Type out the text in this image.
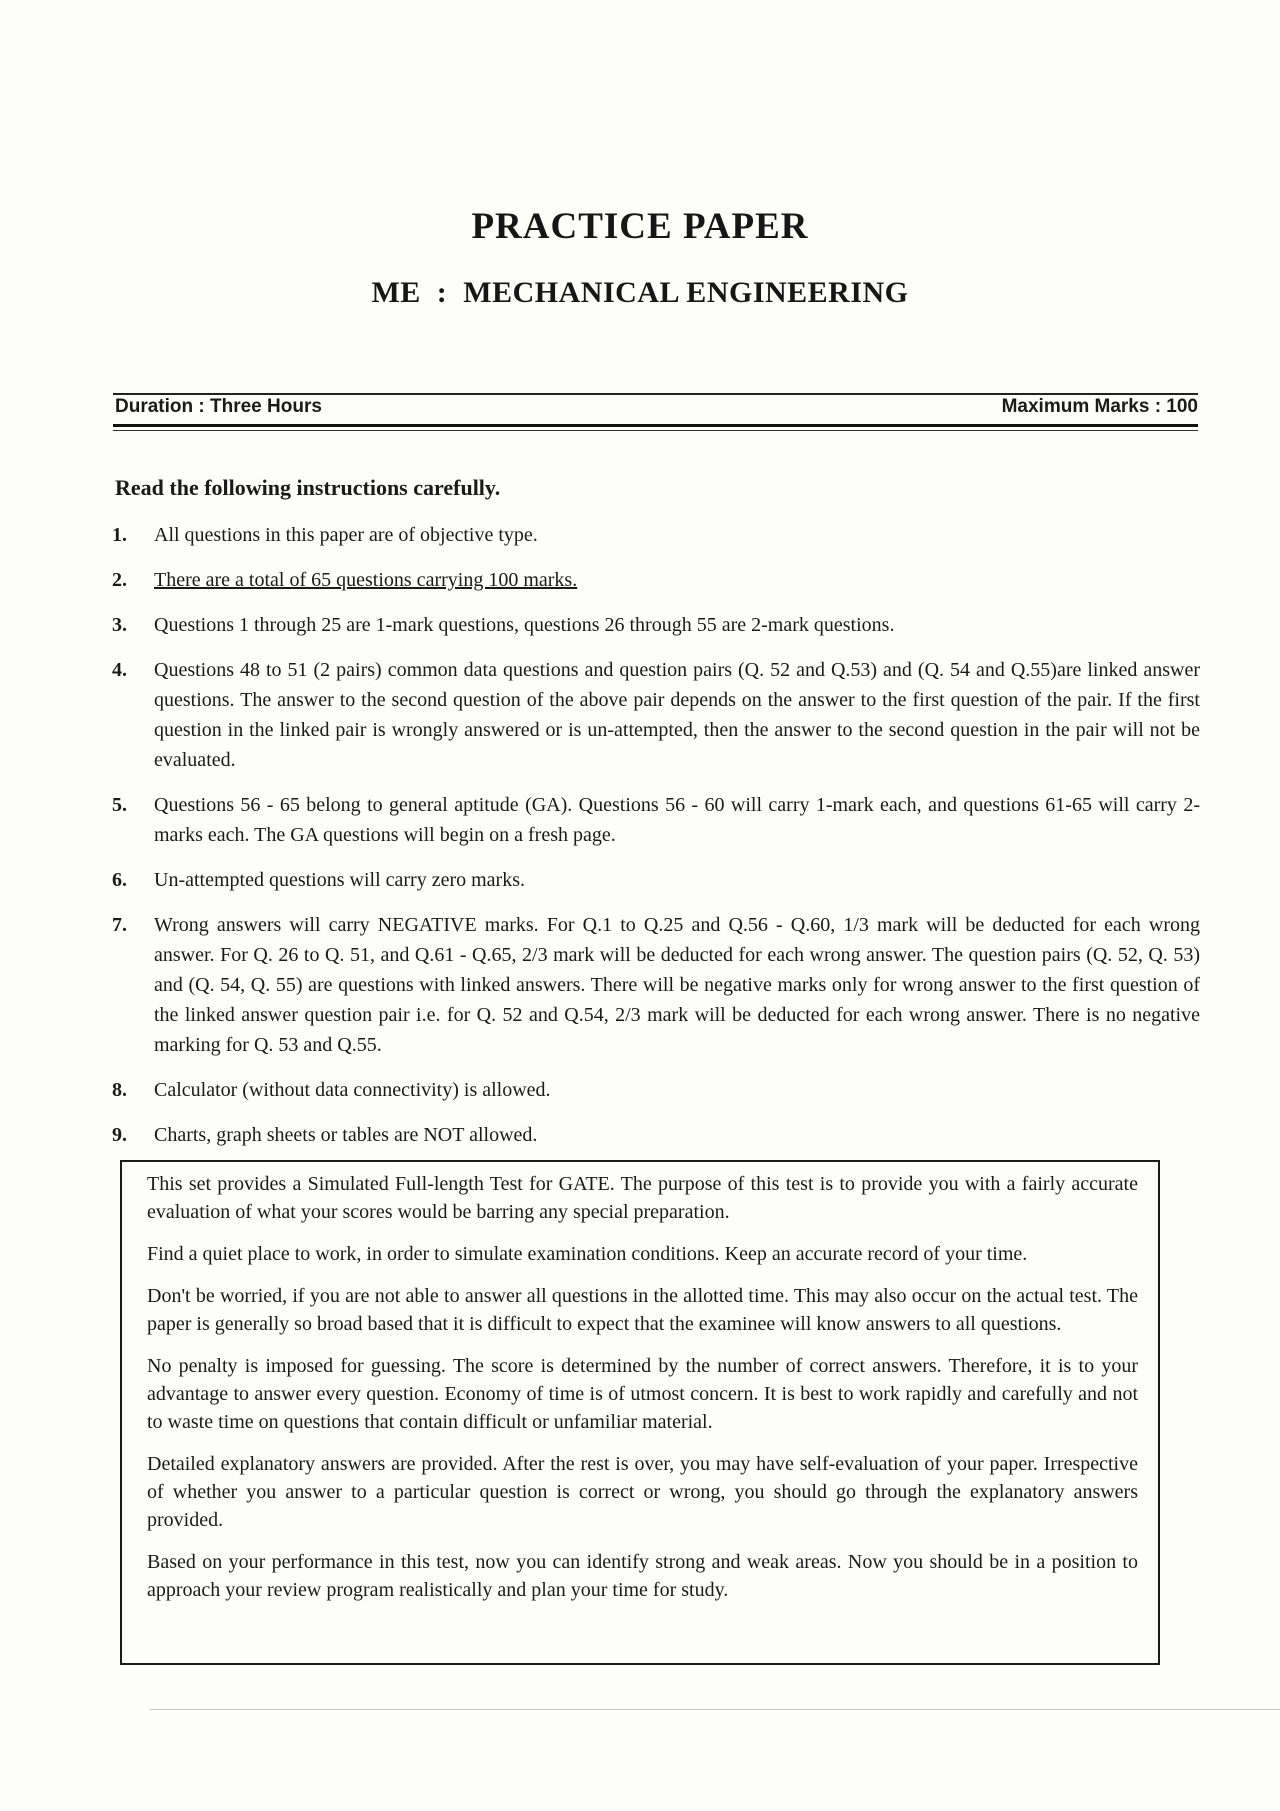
PRACTICE PAPER
ME : MECHANICAL ENGINEERING
Duration : Three Hours	Maximum Marks : 100
Read the following instructions carefully.
1. All questions in this paper are of objective type.
2. There are a total of 65 questions carrying 100 marks.
3. Questions 1 through 25 are 1-mark questions, questions 26 through 55 are 2-mark questions.
4. Questions 48 to 51 (2 pairs) common data questions and question pairs (Q. 52 and Q.53) and (Q. 54 and Q.55)are linked answer questions. The answer to the second question of the above pair depends on the answer to the first question of the pair. If the first question in the linked pair is wrongly answered or is un-attempted, then the answer to the second question in the pair will not be evaluated.
5. Questions 56 - 65 belong to general aptitude (GA). Questions 56 - 60 will carry 1-mark each, and questions 61-65 will carry 2-marks each. The GA questions will begin on a fresh page.
6. Un-attempted questions will carry zero marks.
7. Wrong answers will carry NEGATIVE marks. For Q.1 to Q.25 and Q.56 - Q.60, 1/3 mark will be deducted for each wrong answer. For Q. 26 to Q. 51, and Q.61 - Q.65, 2/3 mark will be deducted for each wrong answer. The question pairs (Q. 52, Q. 53) and (Q. 54, Q. 55) are questions with linked answers. There will be negative marks only for wrong answer to the first question of the linked answer question pair i.e. for Q. 52 and Q.54, 2/3 mark will be deducted for each wrong answer. There is no negative marking for Q. 53 and Q.55.
8. Calculator (without data connectivity) is allowed.
9. Charts, graph sheets or tables are NOT allowed.

This set provides a Simulated Full-length Test for GATE. The purpose of this test is to provide you with a fairly accurate evaluation of what your scores would be barring any special preparation.

Find a quiet place to work, in order to simulate examination conditions. Keep an accurate record of your time.

Don't be worried, if you are not able to answer all questions in the allotted time. This may also occur on the actual test. The paper is generally so broad based that it is difficult to expect that the examinee will know answers to all questions.

No penalty is imposed for guessing. The score is determined by the number of correct answers. Therefore, it is to your advantage to answer every question. Economy of time is of utmost concern. It is best to work rapidly and carefully and not to waste time on questions that contain difficult or unfamiliar material.

Detailed explanatory answers are provided. After the rest is over, you may have self-evaluation of your paper. Irrespective of whether you answer to a particular question is correct or wrong, you should go through the explanatory answers provided.

Based on your performance in this test, now you can identify strong and weak areas. Now you should be in a position to approach your review program realistically and plan your time for study.
